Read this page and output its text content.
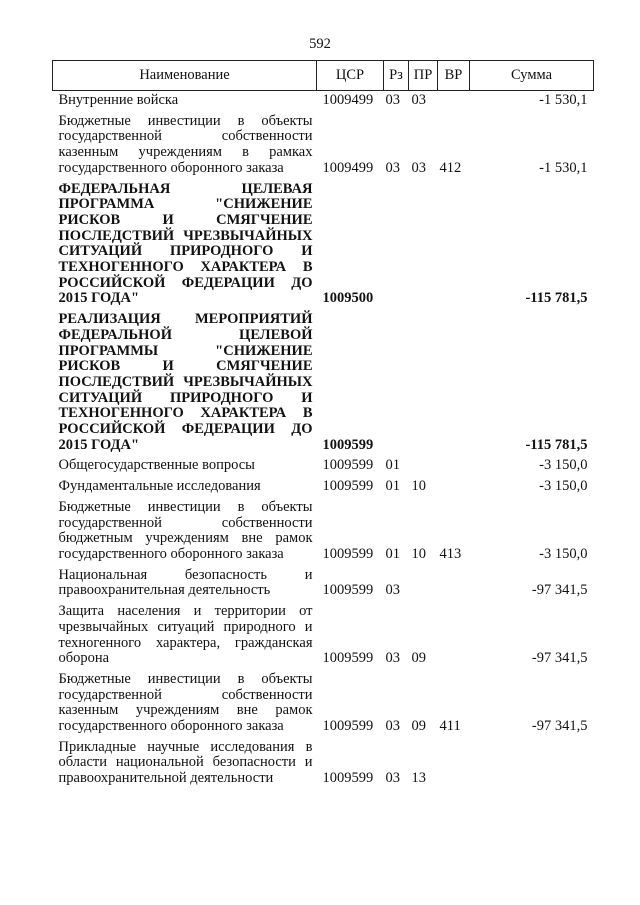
592
Наименование	ЦСР	Рз	ПР	ВР	Сумма
Внутренние войска	1009499	03	03		-1 530,1
Бюджетные инвестиции в объекты государственной собственности казенным учреждениям в рамках государственного оборонного заказа	1009499	03	03	412	-1 530,1
ФЕДЕРАЛЬНАЯ ЦЕЛЕВАЯ ПРОГРАММА "СНИЖЕНИЕ РИСКОВ И СМЯГЧЕНИЕ ПОСЛЕДСТВИЙ ЧРЕЗВЫЧАЙНЫХ СИТУАЦИЙ ПРИРОДНОГО И ТЕХНОГЕННОГО ХАРАКТЕРА В РОССИЙСКОЙ ФЕДЕРАЦИИ ДО 2015 ГОДА"	1009500				-115 781,5
РЕАЛИЗАЦИЯ МЕРОПРИЯТИЙ ФЕДЕРАЛЬНОЙ ЦЕЛЕВОЙ ПРОГРАММЫ "СНИЖЕНИЕ РИСКОВ И СМЯГЧЕНИЕ ПОСЛЕДСТВИЙ ЧРЕЗВЫЧАЙНЫХ СИТУАЦИЙ ПРИРОДНОГО И ТЕХНОГЕННОГО ХАРАКТЕРА В РОССИЙСКОЙ ФЕДЕРАЦИИ ДО 2015 ГОДА"	1009599				-115 781,5
Общегосударственные вопросы	1009599	01			-3 150,0
Фундаментальные исследования	1009599	01	10		-3 150,0
Бюджетные инвестиции в объекты государственной собственности бюджетным учреждениям вне рамок государственного оборонного заказа	1009599	01	10	413	-3 150,0
Национальная безопасность и правоохранительная деятельность	1009599	03			-97 341,5
Защита населения и территории от чрезвычайных ситуаций природного и техногенного характера, гражданская оборона	1009599	03	09		-97 341,5
Бюджетные инвестиции в объекты государственной собственности казенным учреждениям вне рамок государственного оборонного заказа	1009599	03	09	411	-97 341,5
Прикладные научные исследования в области национальной безопасности и правоохранительной деятельности	1009599	03	13		
